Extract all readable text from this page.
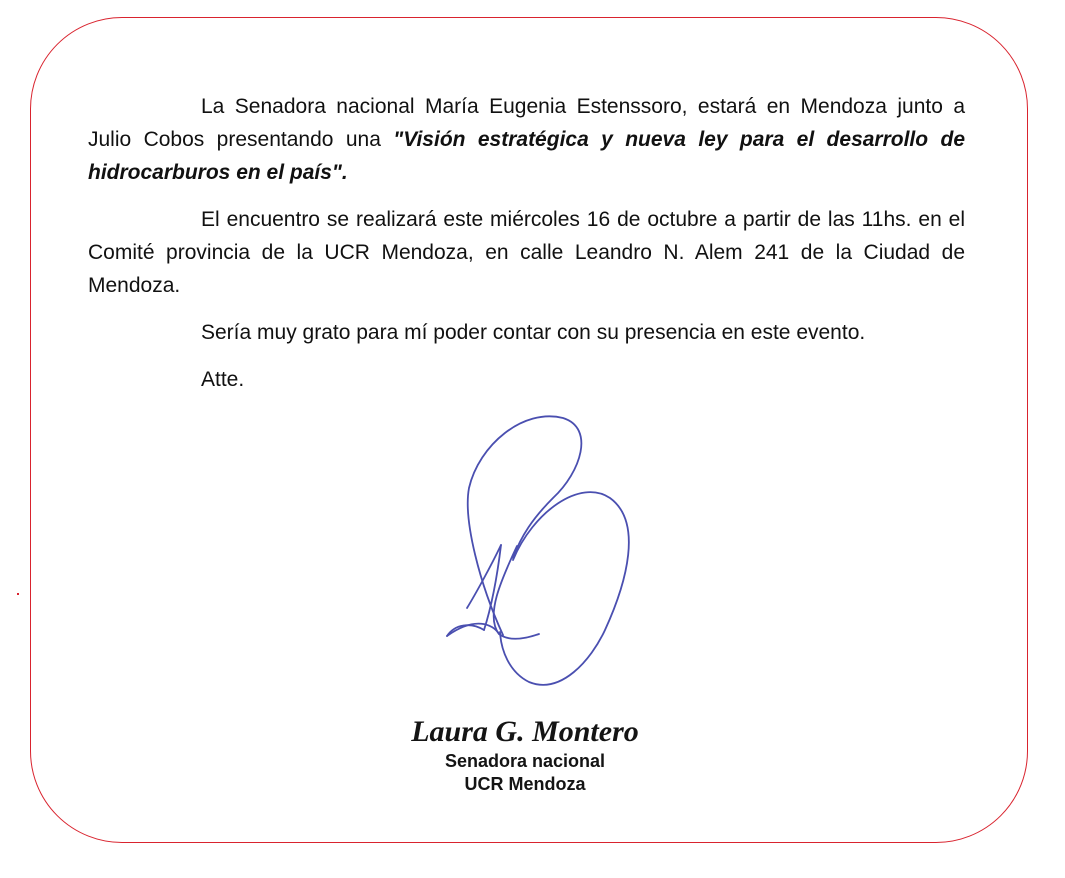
La Senadora nacional María Eugenia Estenssoro, estará en Mendoza junto a Julio Cobos presentando una "Visión estratégica y nueva ley para el desarrollo de hidrocarburos en el país".

El encuentro se realizará este miércoles 16 de octubre a partir de las 11hs. en el Comité provincia de la UCR Mendoza, en calle Leandro N. Alem 241 de la Ciudad de Mendoza.

Sería muy grato para mí poder contar con su presencia en este evento.

Atte.

Laura G. Montero
Senadora nacional
UCR Mendoza
